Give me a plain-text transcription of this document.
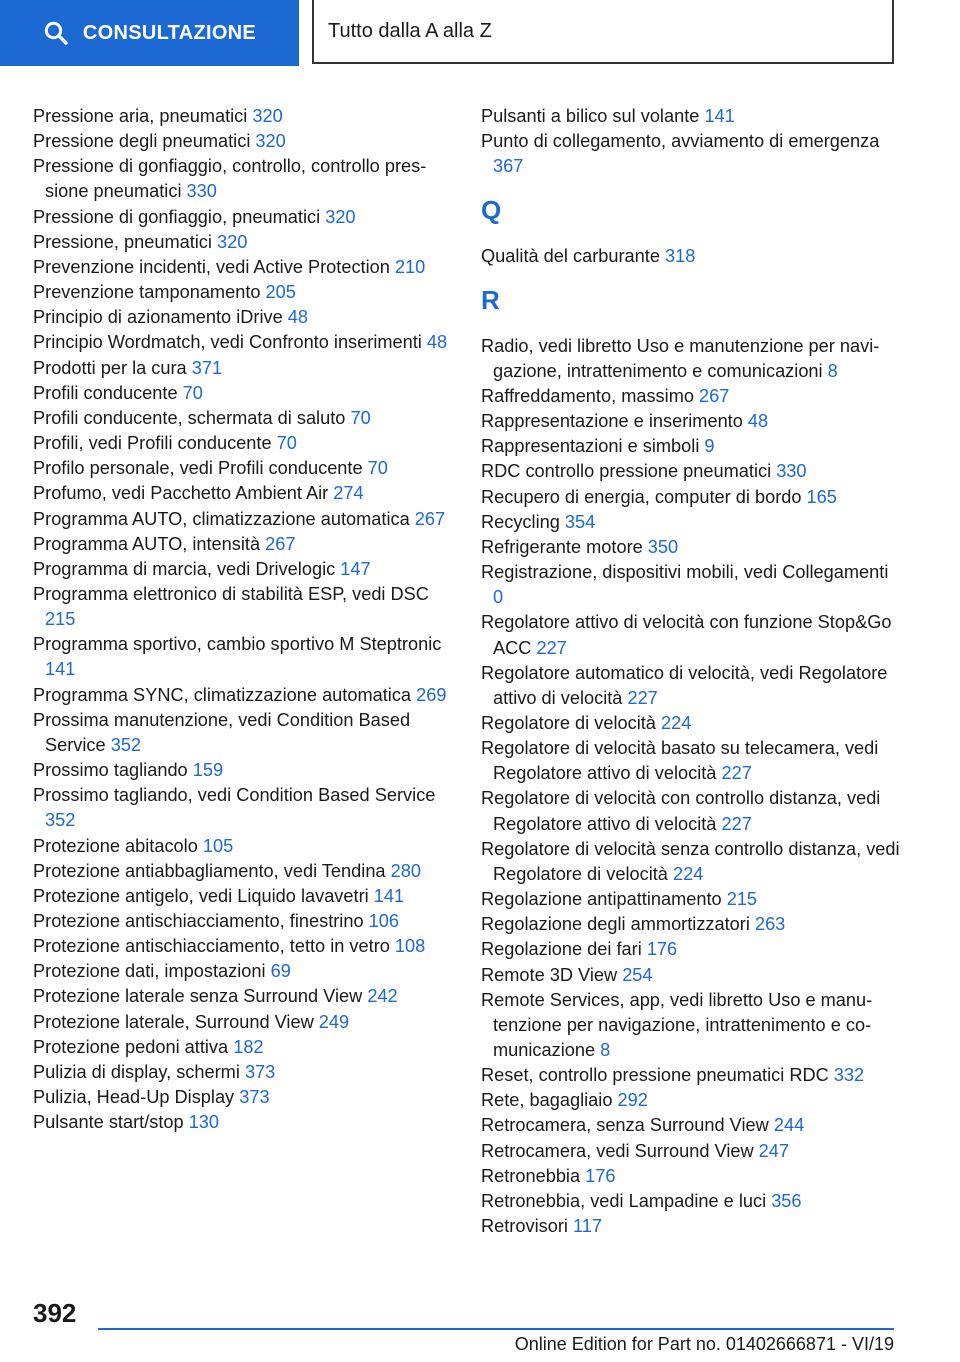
CONSULTAZIONE	Tutto dalla A alla Z
Pressione aria, pneumatici 320
Pressione degli pneumatici 320
Pressione di gonfiaggio, controllo, controllo pressione pneumatici 330
Pressione di gonfiaggio, pneumatici 320
Pressione, pneumatici 320
Prevenzione incidenti, vedi Active Protection 210
Prevenzione tamponamento 205
Principio di azionamento iDrive 48
Principio Wordmatch, vedi Confronto inserimenti 48
Prodotti per la cura 371
Profili conducente 70
Profili conducente, schermata di saluto 70
Profili, vedi Profili conducente 70
Profilo personale, vedi Profili conducente 70
Profumo, vedi Pacchetto Ambient Air 274
Programma AUTO, climatizzazione automatica 267
Programma AUTO, intensità 267
Programma di marcia, vedi Drivelogic 147
Programma elettronico di stabilità ESP, vedi DSC 215
Programma sportivo, cambio sportivo M Steptronic 141
Programma SYNC, climatizzazione automatica 269
Prossima manutenzione, vedi Condition Based Service 352
Prossimo tagliando 159
Prossimo tagliando, vedi Condition Based Service 352
Protezione abitacolo 105
Protezione antiabbagliamento, vedi Tendina 280
Protezione antigelo, vedi Liquido lavavetri 141
Protezione antischiacciamento, finestrino 106
Protezione antischiacciamento, tetto in vetro 108
Protezione dati, impostazioni 69
Protezione laterale senza Surround View 242
Protezione laterale, Surround View 249
Protezione pedoni attiva 182
Pulizia di display, schermi 373
Pulizia, Head-Up Display 373
Pulsante start/stop 130
Pulsanti a bilico sul volante 141
Punto di collegamento, avviamento di emergenza 367
Q
Qualità del carburante 318
R
Radio, vedi libretto Uso e manutenzione per navigazione, intrattenimento e comunicazioni 8
Raffreddamento, massimo 267
Rappresentazione e inserimento 48
Rappresentazioni e simboli 9
RDC controllo pressione pneumatici 330
Recupero di energia, computer di bordo 165
Recycling 354
Refrigerante motore 350
Registrazione, dispositivi mobili, vedi Collegamenti 0
Regolatore attivo di velocità con funzione Stop&Go ACC 227
Regolatore automatico di velocità, vedi Regolatore attivo di velocità 227
Regolatore di velocità 224
Regolatore di velocità basato su telecamera, vedi Regolatore attivo di velocità 227
Regolatore di velocità con controllo distanza, vedi Regolatore attivo di velocità 227
Regolatore di velocità senza controllo distanza, vedi Regolatore di velocità 224
Regolazione antipattinamento 215
Regolazione degli ammortizzatori 263
Regolazione dei fari 176
Remote 3D View 254
Remote Services, app, vedi libretto Uso e manutenzione per navigazione, intrattenimento e comunicazione 8
Reset, controllo pressione pneumatici RDC 332
Rete, bagagliaio 292
Retrocamera, senza Surround View 244
Retrocamera, vedi Surround View 247
Retronebbia 176
Retronebbia, vedi Lampadine e luci 356
Retrovisori 117
392
Online Edition for Part no. 01402666871 - VI/19
